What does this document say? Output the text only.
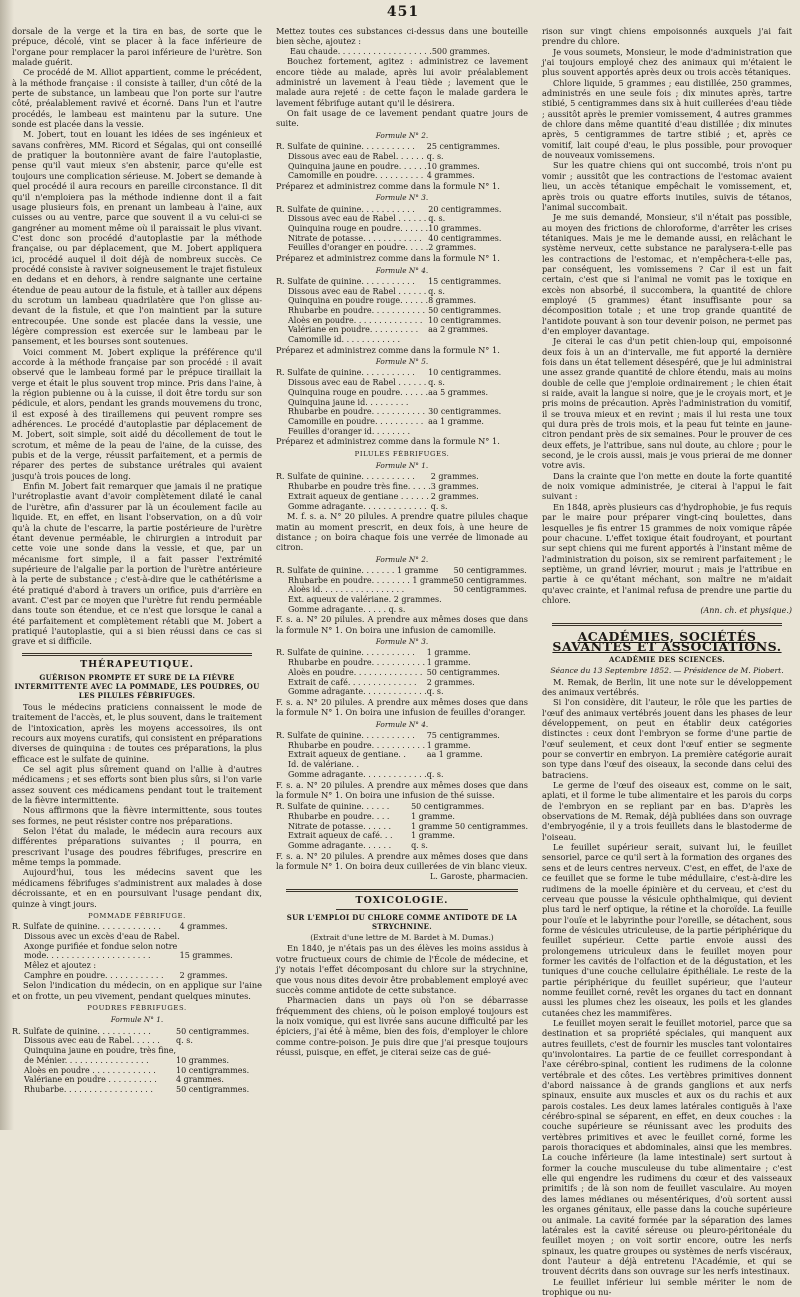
451

dorsale de la verge et la tira en bas, de sorte que le prépuce, décolé, vint se placer à la face inférieure de l'organe pour remplacer la paroi inférieure de l'urètre. Son malade guérit.

Ce procédé de M. Alliot appartient, comme le précédent, à la méthode française : il consiste à tailler, d'un côté de la perte de substance, un lambeau que l'on porte sur l'autre côté, préalablement ravivé et écorné. Dans l'un et l'autre procédés, le lambeau est maintenu par la suture. Une sonde est placée dans la vessie.

M. Jobert, tout en louant les idées de ses ingénieux et savans confrères, MM. Ricord et Ségalas, qui ont conseillé de pratiquer la boutonnière avant de faire l'autoplastie, pense qu'il vaut mieux s'en abstenir, parce qu'elle est toujours une complication sérieuse. M. Jobert se demande à quel procédé il aura recours en pareille circonstance. Il dit qu'il n'emploiera pas la méthode indienne dont il a fait usage plusieurs fois, en prenant un lambeau à l'aine, aux cuisses ou au ventre, parce que souvent il a vu celui-ci se gangréner au moment même où il paraissait le plus vivant. C'est donc son procédé d'autoplastie par la méthode française, ou par déplacement, que M. Jobert appliquera ici, procédé auquel il doit déjà de nombreux succès. Ce procédé consiste à raviver soigneusement le trajet fistuleux en dedans et en dehors, à rendre saignante une certaine étendue de peau autour de la fistule, et à tailler aux dépens du scrotum un lambeau quadrilatère que l'on glisse au-devant de la fistule, et que l'on maintient par la suture entrecoupée. Une sonde est placée dans la vessie, une légère compression est exercée sur le lambeau par le pansement, et les bourses sont soutenues.

Voici comment M. Jobert explique la préférence qu'il accorde à la méthode française par son procédé : il avait observé que le lambeau formé par le prépuce tiraillait la verge et était le plus souvent trop mince. Pris dans l'aine, à la région pubienne ou à la cuisse, il doit être tordu sur son pédicule, et alors, pendant les grands mouvemens du tronc, il est exposé à des tiraillemens qui peuvent rompre ses adhérences. Le procédé d'autoplastie par déplacement de M. Jobert, soit simple, soit aidé du décollement de tout le scrotum, et même de la peau de l'aine, de la cuisse, des pubis et de la verge, réussit parfaitement, et a permis de réparer des pertes de substance urétrales qui avaient jusqu'à trois pouces de long.

Enfin M. Jobert fait remarquer que jamais il ne pratique l'urétroplastie avant d'avoir complètement dilaté le canal de l'urètre, afin d'assurer par là un écoulement facile au liquide. Et, en effet, en lisant l'observation, on a dû voir qu'à la chute de l'escarre, la partie postérieure de l'urètre étant devenue perméable, le chirurgien a introduit par cette voie une sonde dans la vessie, et que, par un mécanisme fort simple, il a fait passer l'extrémité supérieure de l'algalie par la portion de l'urètre antérieure à la perte de substance ; c'est-à-dire que le cathétérisme a été pratiqué d'abord à travers un orifice, puis d'arrière en avant. C'est par ce moyen que l'urètre fut rendu perméable dans toute son étendue, et ce n'est que lorsque le canal a été parfaitement et complètement rétabli que M. Jobert a pratiqué l'autoplastie, qui a si bien réussi dans ce cas si grave et si difficile.

THÉRAPEUTIQUE.
GUÉRISON PROMPTE ET SURE DE LA FIÈVRE INTERMITTENTE AVEC LA POMMADE, LES POUDRES, OU LES PILULES FÉBRIFUGES.

Tous le médecins praticiens connaissent le mode de traitement de l'accès, et, le plus souvent, dans le traitement de l'intoxication, après les moyens accessoires, ils ont recours aux moyens curatifs, qui consistent en préparations diverses de quinquina : de toutes ces préparations, la plus efficace est le sulfate de quinine.

Ce sel agit plus sûrement quand on l'allie à d'autres médicamens ; et ses efforts sont bien plus sûrs, si l'on varie assez souvent ces médicamens pendant tout le traitement de la fièvre intermittente.

Nous affirmons que la fièvre intermittente, sous toutes ses formes, ne peut résister contre nos préparations.

Selon l'état du malade, le médecin aura recours aux différentes préparations suivantes ; il pourra, en prescrivant l'usage des poudres fébrifuges, prescrire en même temps la pommade.

Aujourd'hui, tous les médecins savent que les médicamens fébrifuges s'administrent aux malades à dose décroissante, et en en poursuivant l'usage pendant dix, quinze à vingt jours.

POMMADE FÉBRIFUGE.
R. Sulfate de quinine. . . . . . . . . . . . .	4 grammes.
Dissous avec un excès d'eau de Rabel.	
Axonge purifiée et fondue selon notre	
mode. . . . . . . . . . . . . . . . . . . . .	15 grammes.
Mêlez et ajoutez :	
Camphre en poudre. . . . . . . . . . . .	2 grammes.

Selon l'indication du médecin, on en applique sur l'aine et on frotte, un peu vivement, pendant quelques minutes.

POUDRES FÉBRIFUGES.
Formule N° 1.
R. Sulfate de quinine. . . . . . . . . . .	50 centigrammes.
Dissous avec eau de Rabel. . . . . .	q. s.
Quinquina jaune en poudre, très fine,	
de Ménier. . . . . . . . . . . . . . . . .	10 grammes.
Aloès en poudre . . . . . . . . . . . . .	10 centigrammes.
Valériane en poudre . . . . . . . . . .	4 grammes.
Rhubarbe. . . . . . . . . . . . . . . . . .	50 centigrammes.

Mettez toutes ces substances ci-dessus dans une bouteille bien sèche, ajoutez :

Eau chaude. . . . . . . . . . . . . . . . . . .	500 grammes.

Bouchez fortement, agitez : administrez ce lavement encore tiède au malade, après lui avoir préalablement administré un lavement à l'eau tiède ; lavement que le malade aura rejeté : de cette façon le malade gardera le lavement fébrifuge autant qu'il le désirera.

On fait usage de ce lavement pendant quatre jours de suite.

Formule N° 2.
R. Sulfate de quinine. . . . . . . . . . .	25 centigrammes.
Dissous avec eau de Rabel. . . . . .	q. s.
Quinquina jaune en poudre. . . . . .	10 grammes.
Camomille en poudre. . . . . . . . . .	4 grammes.

Préparez et administrez comme dans la formule N° 1.

Formule N° 3.
R. Sulfate de quinine. . . . . . . . . . .	20 centigrammes.
Dissous avec eau de Rabel . . . . . .	q. s.
Quinquina rouge en poudre. . . . . .	10 grammes.
Nitrate de potasse. . . . . . . . . . . .	40 centigrammes.
Feuilles d'oranger en poudre. . . . .	2 grammes.

Préparez et administrez comme dans la formule N° 1.

Formule N° 4.
R. Sulfate de quinine. . . . . . . . . . .	15 centigrammes.
Dissous avec eau de Rabel . . . . . .	q. s.
Quinquina en poudre rouge. . . . . .	8 grammes.
Rhubarbe en poudre. . . . . . . . . . .	50 centigrammes.
Aloès en poudre. . . . . . . . . . . . . .	10 centigrammes.
Valériane en poudre. . . . . . . . . .	aa 2 grammes.
Camomille id. . . . . . . . . . . .	

Préparez et administrez comme dans la formule N° 1.

Formule N° 5.
R. Sulfate de quinine. . . . . . . . . . .	10 centigrammes.
Dissous avec eau de Rabel . . . . . .	q. s.
Quinquina rouge en poudre. . . . . .	aa 5 grammes.
Quinquina jaune id. . . . . . . . .	
Rhubarbe en poudre. . . . . . . . . . .	30 centigrammes.
Camomille en poudre. . . . . . . . . .	aa 1 gramme.
Feuilles d'oranger id. . . . . . . .	

Préparez et administrez comme dans la formule N° 1.

PILULES FÉBRIFUGES.
Formule N° 1.
R. Sulfate de quinine. . . . . . . . . . .	2 grammes.
Rhubarbe en poudre très fine. . . . .	3 grammes.
Extrait aqueux de gentiane . . . . . .	2 grammes.
Gomme adragante. . . . . . . . . . . . .	q. s.

M. f. s. a. N° 20 pilules. A prendre quatre pilules chaque matin au moment prescrit, en deux fois, à une heure de distance ; on boira chaque fois une verrée de limonade au citron.

Formule N° 2.
R. Sulfate de quinine. . . . . . . 1 gramme	50 centigrammes.
Rhubarbe en poudre. . . . . . . . 1 gramme	50 centigrammes.
Aloès id. . . . . . . . . . . . . . . . .	50 centigrammes.
Ext. aqueux de valériane. 2 grammes.	
Gomme adragante. . . . . q. s.	

F. s. a. N° 20 pilules. A prendre aux mêmes doses que dans la formule N° 1. On boira une infusion de camomille.

Formule N° 3.
R. Sulfate de quinine. . . . . . . . . . .	1 gramme.
Rhubarbe en poudre. . . . . . . . . . .	1 gramme.
Aloès en poudre. . . . . . . . . . . . . .	50 centigrammes.
Extrait de café. . . . . . . . . . . . . .	2 grammes.
Gomme adragante. . . . . . . . . . . . .	q. s.

F. s. a. N° 20 pilules. A prendre aux mêmes doses que dans la formule N° 1. On boira une infusion de feuilles d'oranger.

Formule N° 4.
R. Sulfate de quinine. . . . . . . . . . .	75 centigrammes.
Rhubarbe en poudre. . . . . . . . . . .	1 gramme.
Extrait aqueux de gentiane. .	aa 1 gramme.
Id. de valériane. .	
Gomme adragante. . . . . . . . . . . . .	q. s.

F. s. a. N° 20 pilules. A prendre aux mêmes doses que dans la formule N° 1. On boira une infusion de thé suisse.

R. Sulfate de quinine. . . . . .	50 centigrammes.
Rhubarbe en poudre. . . .	1 gramme.
Nitrate de potasse. . . . . .	1 gramme 50 centigrammes.
Extrait aqueux de café. . .	1 gramme.
Gomme adragante. . . . . .	q. s.

F. s. a. N° 20 pilules. A prendre aux mêmes doses que dans la formule N° 1. On boira deux cuillerées de vin blanc vieux.

L. Garoste, pharmacien.
TOXICOLOGIE.
SUR L'EMPLOI DU CHLORE COMME ANTIDOTE DE LA STRYCHNINE.
(Extrait d'une lettre de M. Bardet à M. Dumas.)

En 1840, je n'étais pas un des élèves les moins assidus à votre fructueux cours de chimie de l'École de médecine, et j'y notais l'effet décomposant du chlore sur la strychnine, que vous nous dites devoir être probablement employé avec succès comme antidote de cette substance.

Pharmacien dans un pays où l'on se débarrasse fréquemment des chiens, où le poison employé toujours est la noix vomique, qui est livrée sans aucune difficulté par les épiciers, j'ai été à même, bien des fois, d'employer le chlore comme contre-poison. Je puis dire que j'ai presque toujours réussi, puisque, en effet, je citerai seize cas de gué-

rison sur vingt chiens empoisonnés auxquels j'ai fait prendre du chlore.

Je vous soumets, Monsieur, le mode d'administration que j'ai toujours employé chez des animaux qui m'étaient le plus souvent apportés après deux ou trois accès tétaniques.

Chlore liquide, 5 grammes ; eau distillée, 250 grammes, administrés en une seule fois ; dix minutes après, tartre stibié, 5 centigrammes dans six à huit cuillerées d'eau tiède ; aussitôt après le premier vomissement, 4 autres grammes de chlore dans même quantité d'eau distillée ; dix minutes après, 5 centigrammes de tartre stibié ; et, après ce vomitif, lait coupé d'eau, le plus possible, pour provoquer de nouveaux vomissemens.

Sur les quatre chiens qui ont succombé, trois n'ont pu vomir ; aussitôt que les contractions de l'estomac avaient lieu, un accès tétanique empêchait le vomissement, et, après trois ou quatre efforts inutiles, suivis de tétanos, l'animal succombait.

Je me suis demandé, Monsieur, s'il n'était pas possible, au moyen des frictions de chloroforme, d'arrêter les crises tétaniques. Mais je me le demande aussi, en relâchant le système nerveux, cette substance ne paralysera-t-elle pas les contractions de l'estomac, et n'empêchera-t-elle pas, par conséquent, les vomissemens ? Car il est un fait certain, c'est que si l'animal ne vomit pas le toxique en excès non absorbé, il succombera, la quantité de chlore employé (5 grammes) étant insuffisante pour sa décomposition totale ; et une trop grande quantité de l'antidote pouvant à son tour devenir poison, ne permet pas d'en employer davantage.

Je citerai le cas d'un petit chien-loup qui, empoisonné deux fois à un an d'intervalle, me fut apporté la dernière fois dans un état tellement désespéré, que je lui administrai une assez grande quantité de chlore étendu, mais au moins double de celle que j'emploie ordinairement ; le chien était si raide, avait la langue si noire, que je le croyais mort, et je pris moins de précaution. Après l'administration du vomitif, il se trouva mieux et en revint ; mais il lui resta une toux qui dura près de trois mois, et la peau fut teinte en jaune-citron pendant près de six semaines. Pour le prouver de ces deux effets, je l'attribue, sans nul doute, au chlore ; pour le second, je le crois aussi, mais je vous prierai de me donner votre avis.

Dans la crainte que l'on mette en doute la forte quantité de noix vomique administrée, je citerai à l'appui le fait suivant :

En 1848, après plusieurs cas d'hydrophobie, je fus requis par le maire pour préparer vingt-cinq boulettes, dans lesquelles je fis entrer 15 grammes de noix vomique râpée pour chacune. L'effet toxique était foudroyant, et pourtant sur sept chiens qui me furent apportés à l'instant même de l'administration du poison, six se remirent parfaitement ; le septième, un grand lévrier, mourut ; mais je l'attribue en partie à ce qu'étant méchant, son maître ne m'aidait qu'avec crainte, et l'animal refusa de prendre une partie du chlore.

(Ann. ch. et physique.)
ACADÉMIES, SOCIÉTÉS SAVANTES ET ASSOCIATIONS.
ACADÉMIE DES SCIENCES.
Séance du 13 Septembre 1852. — Présidence de M. Piobert.

M. Remak, de Berlin, lit une note sur le développement des animaux vertébrés.

Si l'on considère, dit l'auteur, le rôle que les parties de l'œuf des animaux vertébrés jouent dans les phases de leur développement, on peut en établir deux catégories distinctes : ceux dont l'embryon se forme d'une partie de l'œuf seulement, et ceux dont l'œuf entier se segmente pour se convertir en embryon. La première catégorie aurait son type dans l'œuf des oiseaux, la seconde dans celui des batraciens.

Le germe de l'œuf des oiseaux est, comme on le sait, aplati, et il forme le tube alimentaire et les parois du corps de l'embryon en se repliant par en bas. D'après les observations de M. Remak, déjà publiées dans son ouvrage d'embryogénie, il y a trois feuillets dans le blastoderme de l'oiseau.

Le feuillet supérieur serait, suivant lui, le feuillet sensoriel, parce ce qu'il sert à la formation des organes des sens et de leurs centres nerveux. C'est, en effet, de l'axe de ce feuillet que se forme le tube médullaire, c'est-à-dire les rudimens de la moelle épinière et du cerveau, et c'est du cerveau que pousse la vésicule ophthalmique, qui devient plus tard le nerf optique, la rétine et la choroïde. La feuille pour l'ouïe et le labyrinthe pour l'oreille, se détachent, sous forme de vésicules utriculeuse, de la partie périphérique du feuillet supérieur. Cette partie envoie aussi des prolongemens utriculeux dans le feuillet moyen pour former les cavités de l'olfaction et de la dégustation, et les tuniques d'une couche cellulaire épithéliale. Le reste de la partie périphérique du feuillet supérieur, que l'auteur nomme feuillet corné, revêt les organes du tact en donnant aussi les plumes chez les oiseaux, les poils et les glandes cutanées chez les mammifères.

Le feuillet moyen serait le feuillet motoriel, parce que sa destination et sa propriété spéciales, qui manquent aux autres feuillets, c'est de fournir les muscles tant volontaires qu'involontaires. La partie de ce feuillet correspondant à l'axe cérébro-spinal, contient les rudimens de la colonne vertébrale et des côtes. Les vertèbres primitives donnent d'abord naissance à de grands ganglions et aux nerfs spinaux, ensuite aux muscles et aux os du rachis et aux parois costales. Les deux lames latérales contiguës à l'axe cérébro-spinal se séparent, en effet, en deux couches : la couche supérieure se réunissant avec les produits des vertèbres primitives et avec le feuillet corné, forme les parois thoraciques et abdominales, ainsi que les membres. La couche inférieure (la lame intestinale) sert surtout à former la couche musculeuse du tube alimentaire ; c'est elle qui engendre les rudimens du cœur et des vaisseaux primitifs ; de là son nom de feuillet vasculaire. Au moyen des lames médianes ou mésentériques, d'où sortent aussi les organes génitaux, elle passe dans la couche supérieure ou animale. La cavité formée par la séparation des lames latérales est la cavité séreuse ou pleuro-péritonéale du feuillet moyen ; on voit sortir encore, outre les nerfs spinaux, les quatre groupes ou systèmes de nerfs viscéraux, dont l'auteur a déjà entretenu l'Académie, et qui se trouvent décrits dans son ouvrage sur les nerfs intestinaux.

Le feuillet inférieur lui semble mériter le nom de trophique ou nu-
